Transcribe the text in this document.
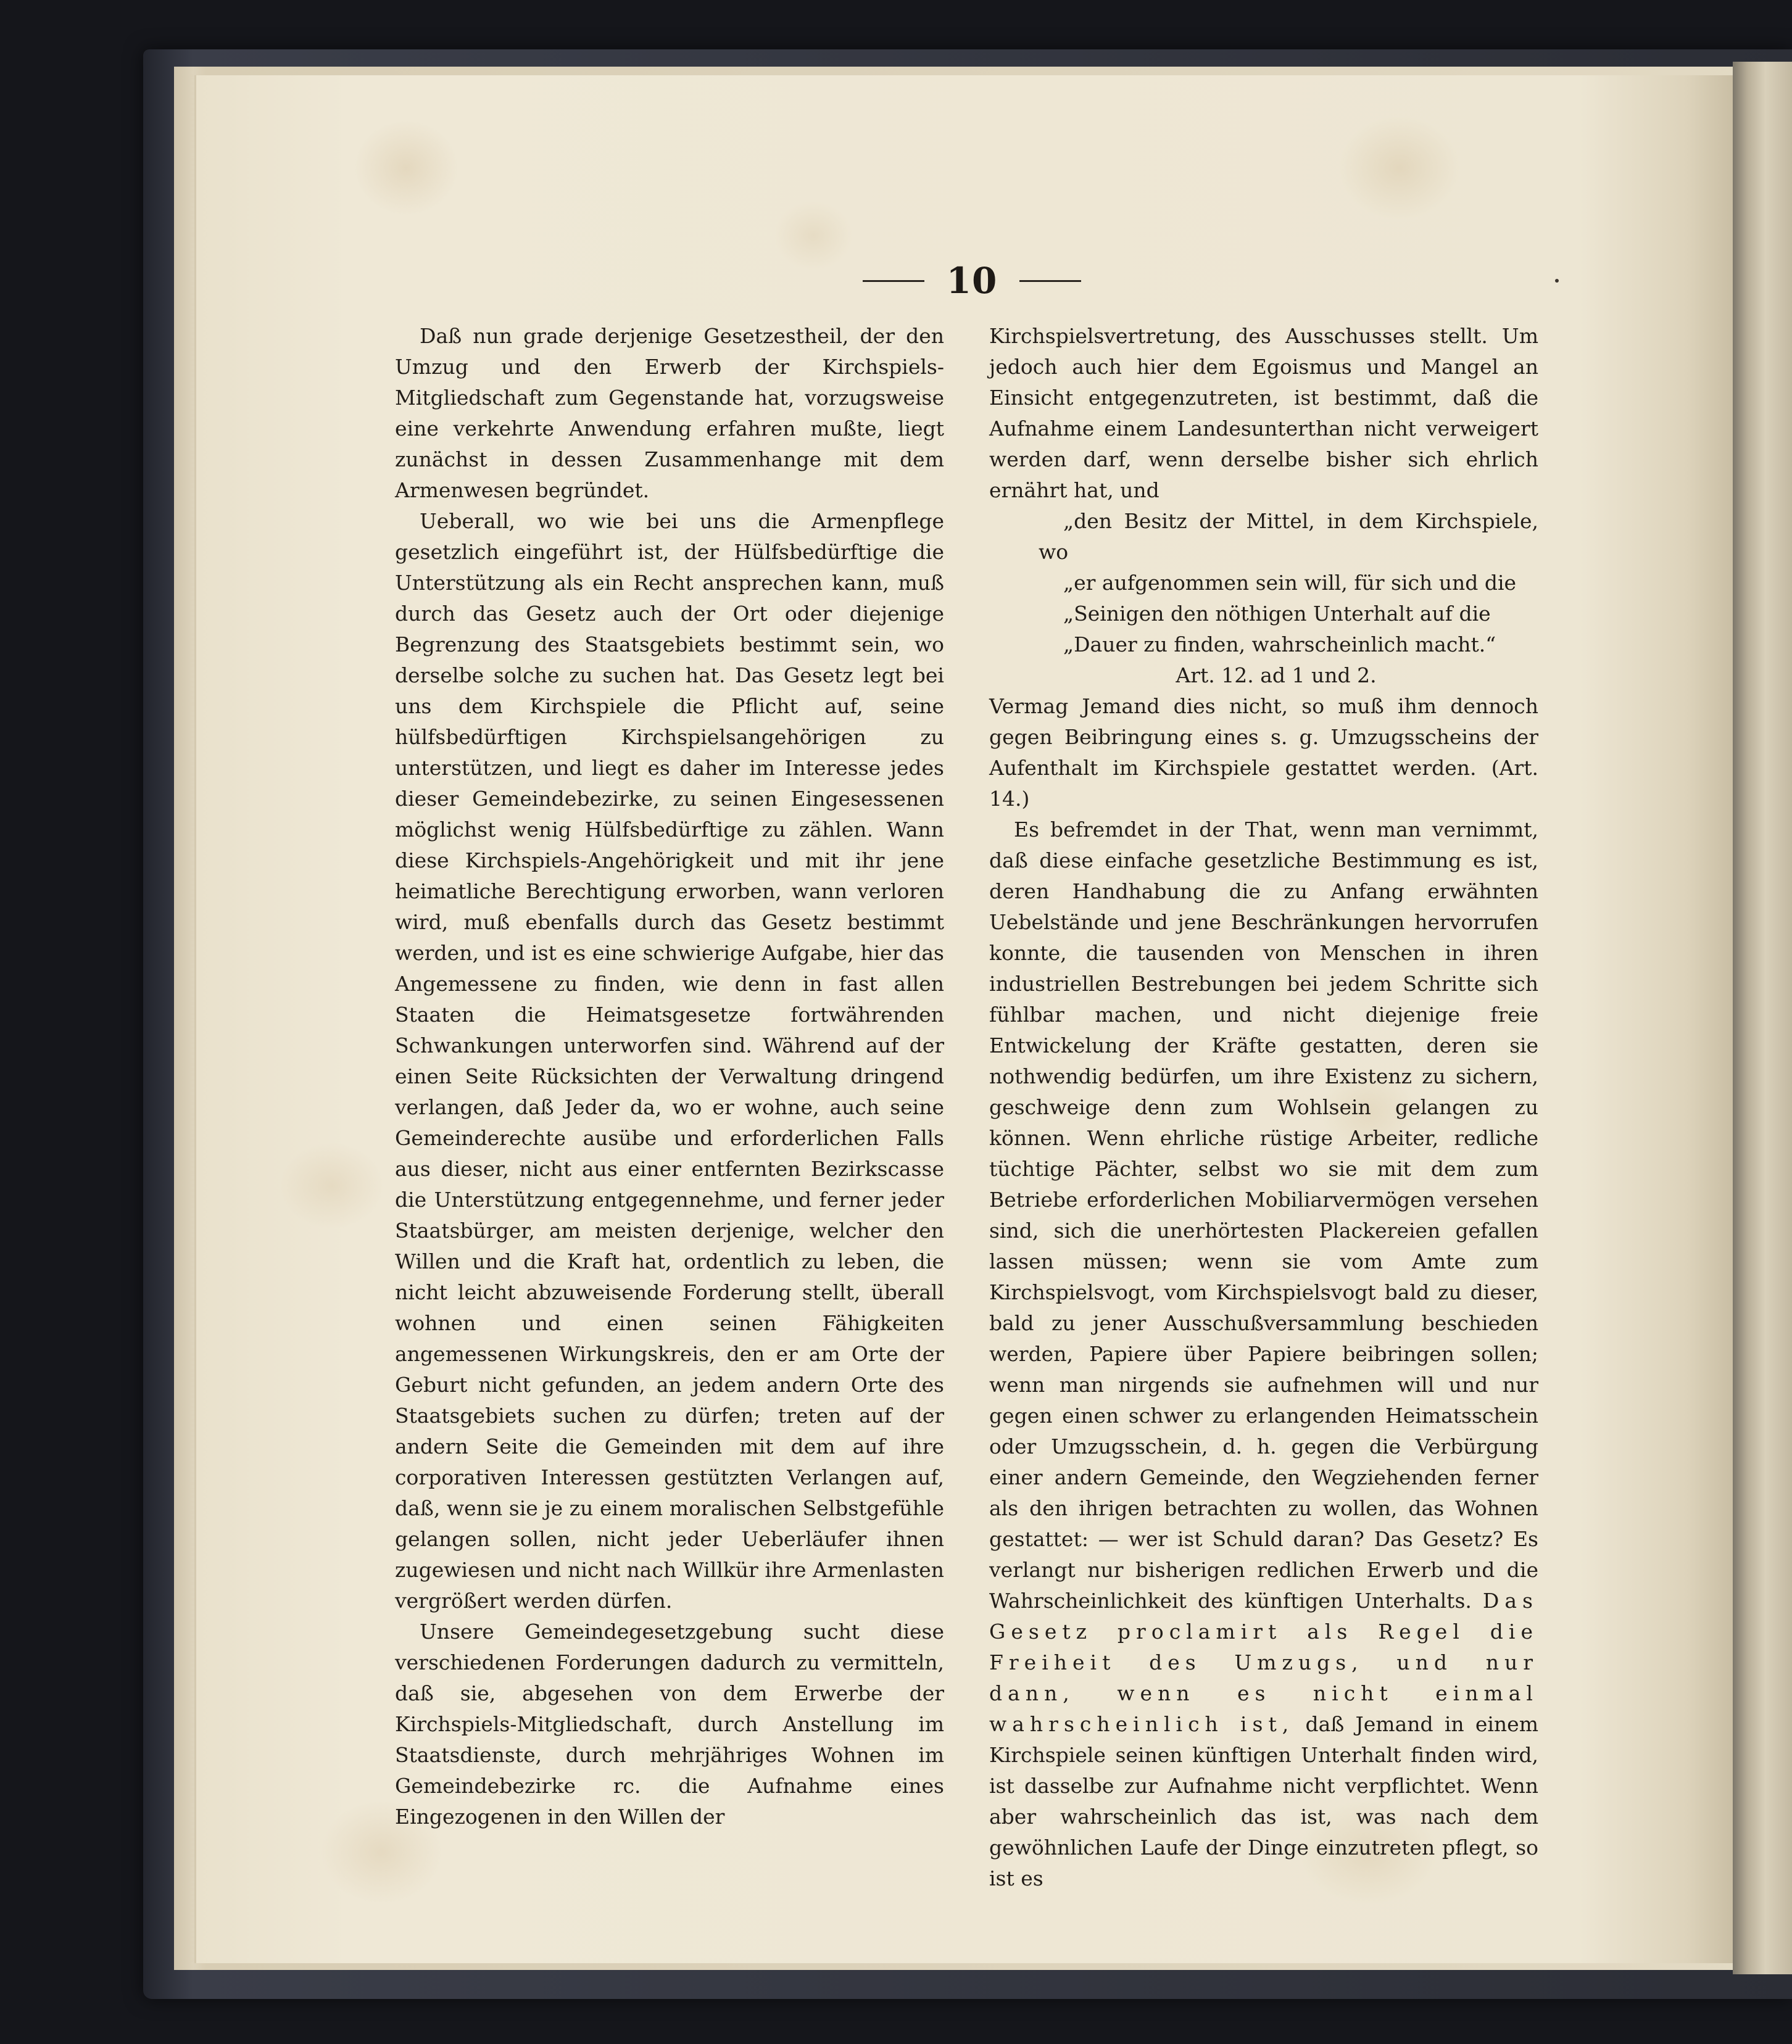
10

Daß nun grade derjenige Gesetzestheil, der den Umzug und den Erwerb der Kirchspiels-Mitgliedschaft zum Gegenstande hat, vorzugsweise eine verkehrte Anwendung erfahren mußte, liegt zunächst in dessen Zusammenhange mit dem Armenwesen begründet.

Ueberall, wo wie bei uns die Armenpflege gesetzlich eingeführt ist, der Hülfsbedürftige die Unterstützung als ein Recht ansprechen kann, muß durch das Gesetz auch der Ort oder diejenige Begrenzung des Staatsgebiets bestimmt sein, wo derselbe solche zu suchen hat. Das Gesetz legt bei uns dem Kirchspiele die Pflicht auf, seine hülfsbedürftigen Kirchspielsangehörigen zu unterstützen, und liegt es daher im Interesse jedes dieser Gemeindebezirke, zu seinen Eingesessenen möglichst wenig Hülfsbedürftige zu zählen. Wann diese Kirchspiels-Angehörigkeit und mit ihr jene heimatliche Berechtigung erworben, wann verloren wird, muß ebenfalls durch das Gesetz bestimmt werden, und ist es eine schwierige Aufgabe, hier das Angemessene zu finden, wie denn in fast allen Staaten die Heimatsgesetze fortwährenden Schwankungen unterworfen sind. Während auf der einen Seite Rücksichten der Verwaltung dringend verlangen, daß Jeder da, wo er wohne, auch seine Gemeinderechte ausübe und erforderlichen Falls aus dieser, nicht aus einer entfernten Bezirkscasse die Unterstützung entgegennehme, und ferner jeder Staatsbürger, am meisten derjenige, welcher den Willen und die Kraft hat, ordentlich zu leben, die nicht leicht abzuweisende Forderung stellt, überall wohnen und einen seinen Fähigkeiten angemessenen Wirkungskreis, den er am Orte der Geburt nicht gefunden, an jedem andern Orte des Staatsgebiets suchen zu dürfen; treten auf der andern Seite die Gemeinden mit dem auf ihre corporativen Interessen gestützten Verlangen auf, daß, wenn sie je zu einem moralischen Selbstgefühle gelangen sollen, nicht jeder Ueberläufer ihnen zugewiesen und nicht nach Willkür ihre Armenlasten vergrößert werden dürfen.

Unsere Gemeindegesetzgebung sucht diese verschiedenen Forderungen dadurch zu vermitteln, daß sie, abgesehen von dem Erwerbe der Kirchspiels-Mitgliedschaft, durch Anstellung im Staatsdienste, durch mehrjähriges Wohnen im Gemeindebezirke rc. die Aufnahme eines Eingezogenen in den Willen der

Kirchspielsvertretung, des Ausschusses stellt. Um jedoch auch hier dem Egoismus und Mangel an Einsicht entgegenzutreten, ist bestimmt, daß die Aufnahme einem Landesunterthan nicht verweigert werden darf, wenn derselbe bisher sich ehrlich ernährt hat, und

„den Besitz der Mittel, in dem Kirchspiele, wo

„er aufgenommen sein will, für sich und die

„Seinigen den nöthigen Unterhalt auf die

„Dauer zu finden, wahrscheinlich macht.“

Art. 12. ad 1 und 2.

Vermag Jemand dies nicht, so muß ihm dennoch gegen Beibringung eines s. g. Umzugsscheins der Aufenthalt im Kirchspiele gestattet werden. (Art. 14.)

Es befremdet in der That, wenn man vernimmt, daß diese einfache gesetzliche Bestimmung es ist, deren Handhabung die zu Anfang erwähnten Uebelstände und jene Beschränkungen hervorrufen konnte, die tausenden von Menschen in ihren industriellen Bestrebungen bei jedem Schritte sich fühlbar machen, und nicht diejenige freie Entwickelung der Kräfte gestatten, deren sie nothwendig bedürfen, um ihre Existenz zu sichern, geschweige denn zum Wohlsein gelangen zu können. Wenn ehrliche rüstige Arbeiter, redliche tüchtige Pächter, selbst wo sie mit dem zum Betriebe erforderlichen Mobiliarvermögen versehen sind, sich die unerhörtesten Plackereien gefallen lassen müssen; wenn sie vom Amte zum Kirchspielsvogt, vom Kirchspielsvogt bald zu dieser, bald zu jener Ausschußversammlung beschieden werden, Papiere über Papiere beibringen sollen; wenn man nirgends sie aufnehmen will und nur gegen einen schwer zu erlangenden Heimatsschein oder Umzugsschein, d. h. gegen die Verbürgung einer andern Gemeinde, den Wegziehenden ferner als den ihrigen betrachten zu wollen, das Wohnen gestattet: — wer ist Schuld daran? Das Gesetz? Es verlangt nur bisherigen redlichen Erwerb und die Wahrscheinlichkeit des künftigen Unterhalts. Das Gesetz proclamirt als Regel die Freiheit des Umzugs, und nur dann, wenn es nicht einmal wahrscheinlich ist, daß Jemand in einem Kirchspiele seinen künftigen Unterhalt finden wird, ist dasselbe zur Aufnahme nicht verpflichtet. Wenn aber wahrscheinlich das ist, was nach dem gewöhnlichen Laufe der Dinge einzutreten pflegt, so ist es
